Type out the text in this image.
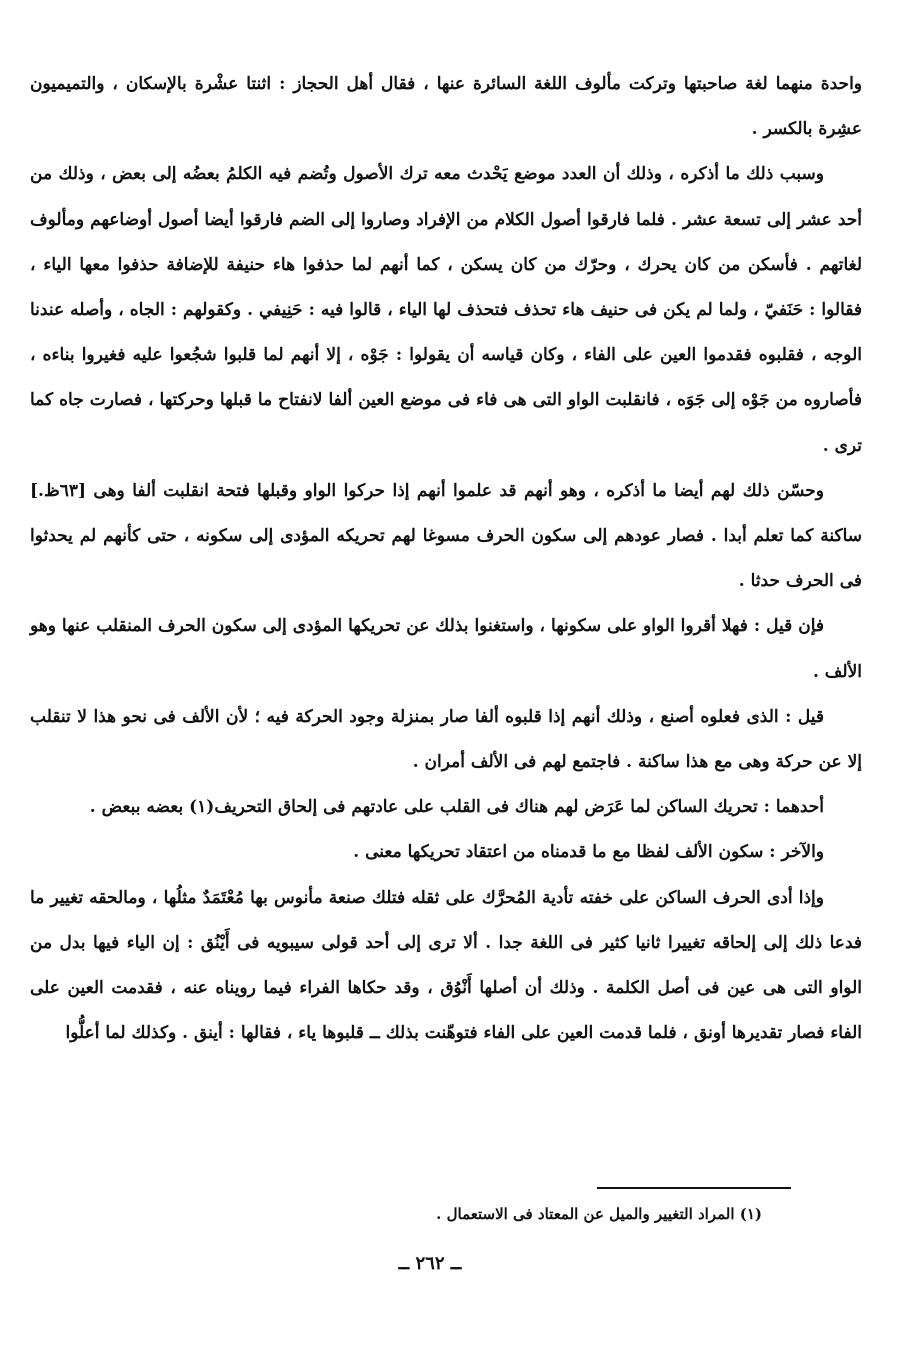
واحدة منهما لغة صاحبتها وتركت مألوف اللغة السائرة عنها ، فقال أهل الحجاز : اثنتا عشْرة بالإسكان ، والتميميون عشِرة بالكسر .

وسبب ذلك ما أذكره ، وذلك أن العدد موضع يَحْدث معه ترك الأصول وتُضم فيه الكلمُ بعضُه إلى بعض ، وذلك من أحد عشر إلى تسعة عشر . فلما فارقوا أصول الكلام من الإفراد وصاروا إلى الضم فارقوا أيضا أصول أوضاعهم ومألوف لغاتهم . فأسكن من كان يحرك ، وحرّك من كان يسكن ، كما أنهم لما حذفوا هاء حنيفة للإضافة حذفوا معها الياء ، فقالوا : حَنَفيّ ، ولما لم يكن فى حنيف هاء تحذف فتحذف لها الياء ، قالوا فيه : حَنِيفي . وكقولهم : الجاه ، وأصله عندنا الوجه ، فقلبوه فقدموا العين على الفاء ، وكان قياسه أن يقولوا : جَوْه ، إلا أنهم لما قلبوا شجُعوا عليه فغيروا بناءه ، فأصاروه من جَوْه إلى جَوَه ، فانقلبت الواو التى هى فاء فى موضع العين ألفا لانفتاح ما قبلها وحركتها ، فصارت جاه كما ترى .

وحسّن ذلك لهم أيضا ما أذكره ، وهو أنهم قد علموا أنهم إذا حركوا الواو وقبلها فتحة انقلبت ألفا وهى [٦٣ظ.] ساكنة كما تعلم أبدا . فصار عودهم إلى سكون الحرف مسوغا لهم تحريكه المؤدى إلى سكونه ، حتى كأنهم لم يحدثوا فى الحرف حدثا .

فإن قيل : فهلا أقروا الواو على سكونها ، واستغنوا بذلك عن تحريكها المؤدى إلى سكون الحرف المنقلب عنها وهو الألف .

قيل : الذى فعلوه أصنع ، وذلك أنهم إذا قلبوه ألفا صار بمنزلة وجود الحركة فيه ؛ لأن الألف فى نحو هذا لا تنقلب إلا عن حركة وهى مع هذا ساكنة . فاجتمع لهم فى الألف أمران .

أحدهما : تحريك الساكن لما عَرَض لهم هناك فى القلب على عادتهم فى إلحاق التحريف(١) بعضه ببعض .

والآخر : سكون الألف لفظا مع ما قدمناه من اعتقاد تحريكها معنى .

وإذا أدى الحرف الساكن على خفته تأدية المُحرَّك على ثقله فتلك صنعة مأنوس بها مُعْتَمَدٌ مثلُها ، ومالحقه تغيير ما فدعا ذلك إلى إلحاقه تغييرا ثانيا كثير فى اللغة جدا . ألا ترى إلى أحد قولى سيبويه فى أَيْنُق : إن الياء فيها بدل من الواو التى هى عين فى أصل الكلمة . وذلك أن أصلها أَنْوُق ، وقد حكاها الفراء فيما رويناه عنه ، فقدمت العين على الفاء فصار تقديرها أونق ، فلما قدمت العين على الفاء فتوهّنت بذلك ــ قلبوها ياء ، فقالها : أينق . وكذلك لما أعلُّوا

(١) المراد التغيير والميل عن المعتاد فى الاستعمال .
ــ ٢٦٢ ــ
